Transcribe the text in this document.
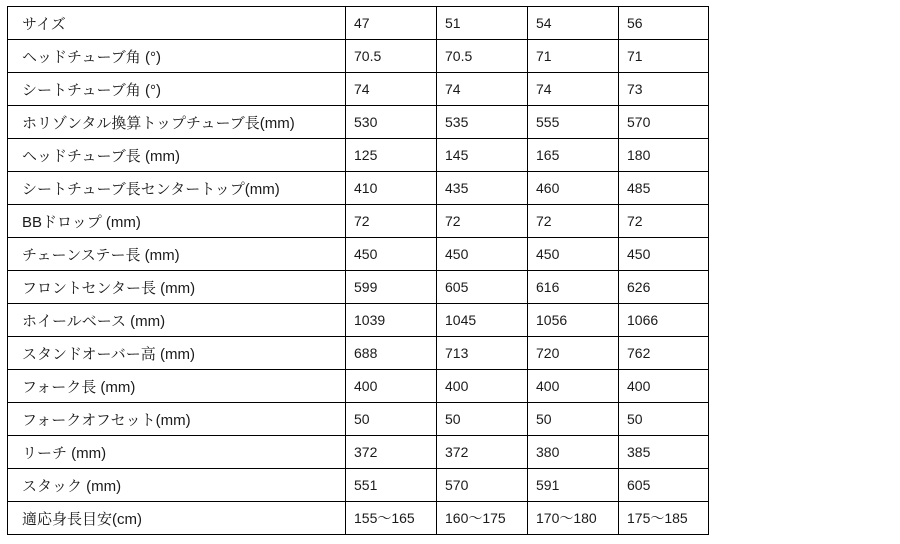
サイズ	47	51	54	56
ヘッドチューブ角 (°)	70.5	70.5	71	71
シートチューブ角 (°)	74	74	74	73
ホリゾンタル換算トップチューブ長(mm)	530	535	555	570
ヘッドチューブ長 (mm)	125	145	165	180
シートチューブ長センタートップ(mm)	410	435	460	485
BBドロップ (mm)	72	72	72	72
チェーンステー長 (mm)	450	450	450	450
フロントセンター長 (mm)	599	605	616	626
ホイールベース (mm)	1039	1045	1056	1066
スタンドオーバー高 (mm)	688	713	720	762
フォーク長 (mm)	400	400	400	400
フォークオフセット(mm)	50	50	50	50
リーチ (mm)	372	372	380	385
スタック (mm)	551	570	591	605
適応身長目安(cm)	155～165	160～175	170～180	175～185
